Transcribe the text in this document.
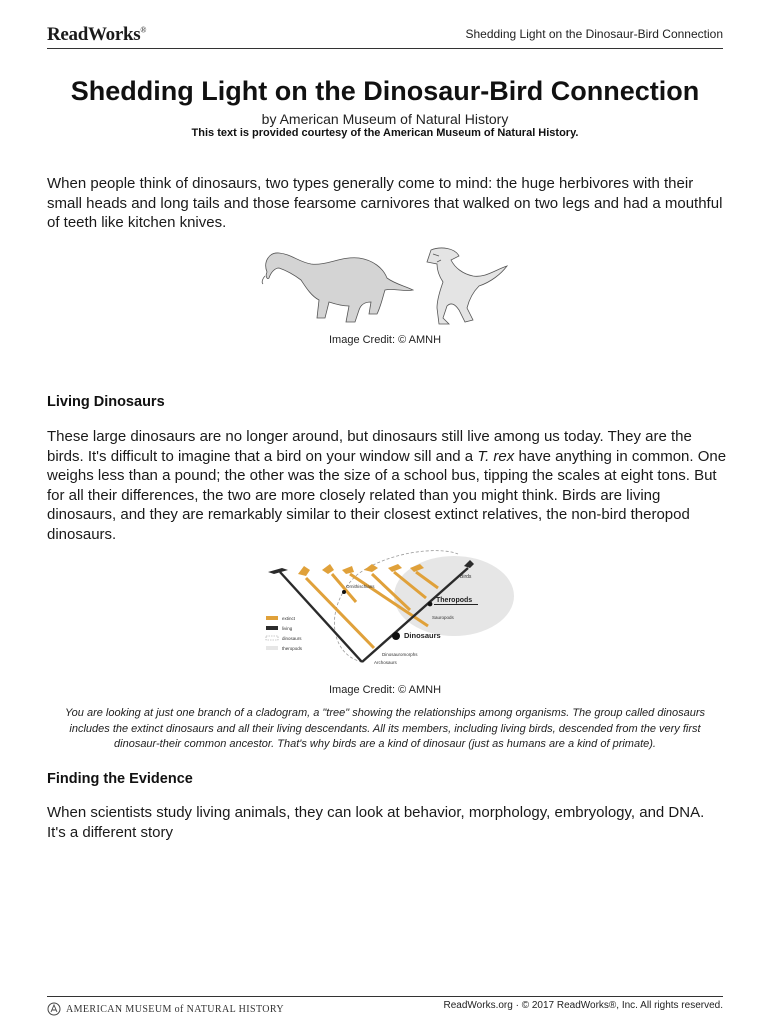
ReadWorks®	Shedding Light on the Dinosaur-Bird Connection
Shedding Light on the Dinosaur-Bird Connection
by American Museum of Natural History
This text is provided courtesy of the American Museum of Natural History.

When people think of dinosaurs, two types generally come to mind: the huge herbivores with their small heads and long tails and those fearsome carnivores that walked on two legs and had a mouthful of teeth like kitchen knives.

Image Credit: © AMNH
Living Dinosaurs

These large dinosaurs are no longer around, but dinosaurs still live among us today. They are the birds. It's difficult to imagine that a bird on your window sill and a T. rex have anything in common. One weighs less than a pound; the other was the size of a school bus, tipping the scales at eight tons. But for all their differences, the two are more closely related than you might think. Birds are living dinosaurs, and they are remarkably similar to their closest extinct relatives, the non-bird theropod dinosaurs.

Birds
Ornithischians
Theropods
Sauropods
Dinosaurs
Dinosauromorphs
Archosaurs
extinct
living
dinosaurs
theropods
Image Credit: © AMNH

You are looking at just one branch of a cladogram, a "tree" showing the relationships among organisms. The group called dinosaurs includes the extinct dinosaurs and all their living descendants. All its members, including living birds, descended from the very first dinosaur-their common ancestor. That's why birds are a kind of dinosaur (just as humans are a kind of primate).

Finding the Evidence

When scientists study living animals, they can look at behavior, morphology, embryology, and DNA. It's a different story

AMERICAN MUSEUM of NATURAL HISTORY	ReadWorks.org · © 2017 ReadWorks®, Inc. All rights reserved.
